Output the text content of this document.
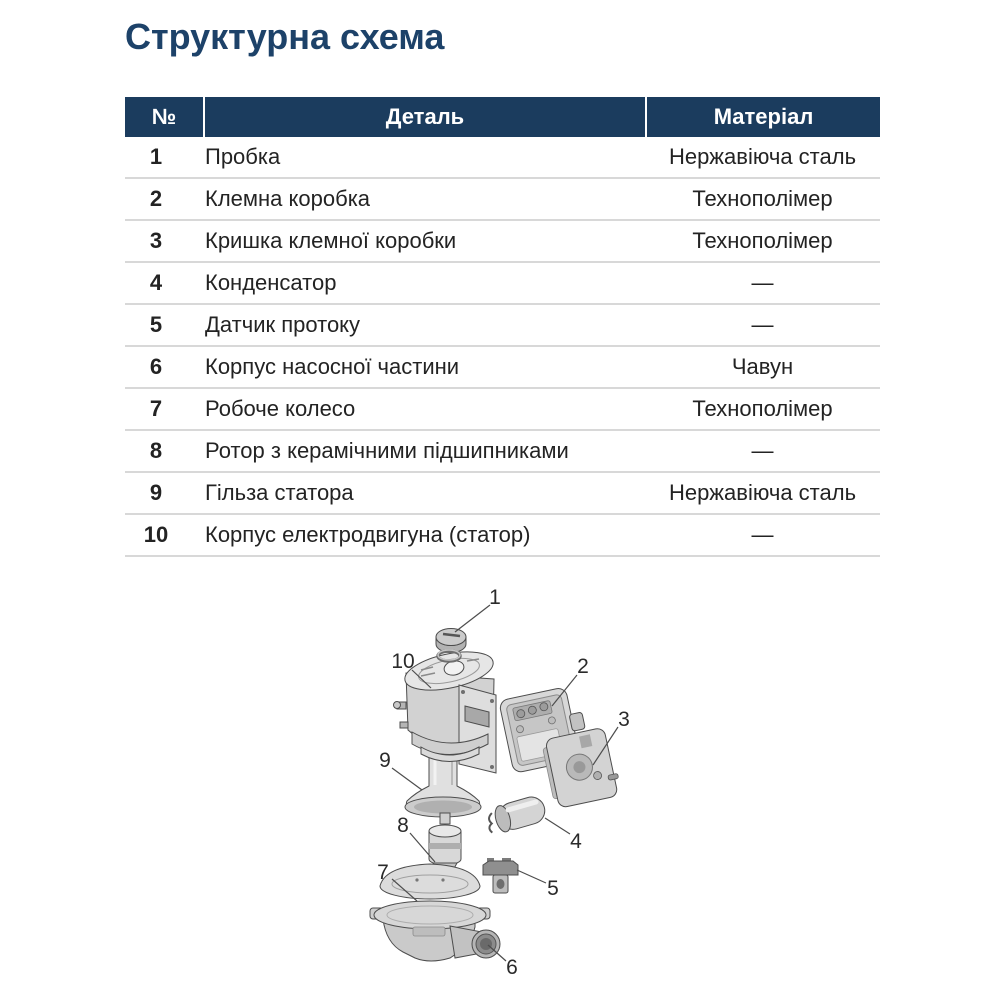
Структурна схема
№	Деталь	Матеріал
1	Пробка	Нержавіюча сталь
2	Клемна коробка	Технополімер
3	Кришка клемної коробки	Технополімер
4	Конденсатор	—
5	Датчик протоку	—
6	Корпус насосної частини	Чавун
7	Робоче колесо	Технополімер
8	Ротор з керамічними підшипниками	—
9	Гільза статора	Нержавіюча сталь
10	Корпус електродвигуна (статор)	—
1
2
3
4
5
6
7
8
9
10
